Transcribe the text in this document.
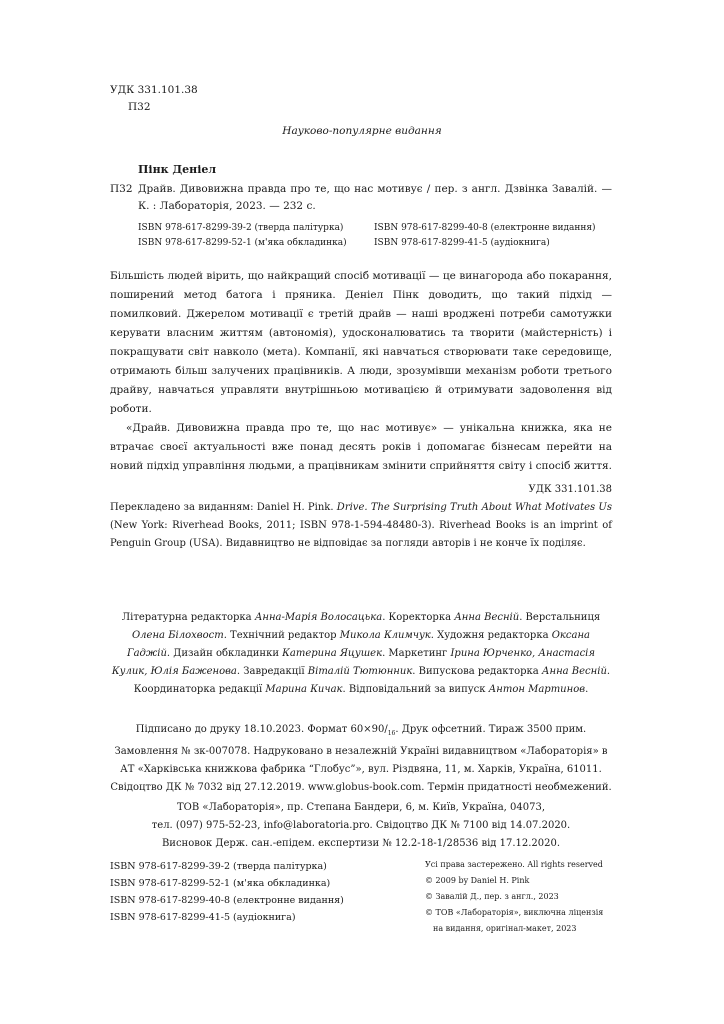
УДК 331.101.38
П32
Науково-популярне видання
Пінк Деніел
П32 Драйв. Дивовижна правда про те, що нас мотивує / пер. з англ. Дзвінка Завалій. — К. : Лабораторія, 2023. — 232 с.
ISBN 978-617-8299-39-2 (тверда палітурка)	ISBN 978-617-8299-40-8 (електронне видання)
ISBN 978-617-8299-52-1 (м'яка обкладинка)	ISBN 978-617-8299-41-5 (аудіокнига)

Більшість людей вірить, що найкращий спосіб мотивації — це винагорода або покарання, поширений метод батога і пряника. Деніел Пінк доводить, що такий підхід — помилковий. Джерелом мотивації є третій драйв — наші вроджені потреби самотужки керувати власним життям (автономія), удосконалюватись та творити (майстерність) і покращувати світ навколо (мета). Компанії, які навчаться створювати таке середовище, отримають більш залучених працівників. А люди, зрозумівши механізм роботи третього драйву, навчаться управляти внутрішньою мотивацією й отримувати задоволення від роботи.

«Драйв. Дивовижна правда про те, що нас мотивує» — унікальна книжка, яка не втрачає своєї актуальності вже понад десять років і допомагає бізнесам перейти на новий підхід управління людьми, а працівникам змінити сприйняття світу і спосіб життя.

УДК 331.101.38
Перекладено за виданням: Daniel H. Pink. Drive. The Surprising Truth About What Motivates Us (New York: Riverhead Books, 2011; ISBN 978-1-594-48480-3). Riverhead Books is an imprint of Penguin Group (USA). Видавництво не відповідає за погляди авторів і не конче їх поділяє.
Літературна редакторка Анна-Марія Волосацька. Коректорка Анна Весній. Верстальниця Олена Білохвост. Технічний редактор Микола Климчук. Художня редакторка Оксана Гаджій. Дизайн обкладинки Катерина Яцушек. Маркетинг Ірина Юрченко, Анастасія Кулик, Юлія Баженова. Завредакції Віталій Тютюнник. Випускова редакторка Анна Весній. Координаторка редакції Марина Кичак. Відповідальний за випуск Антон Мартинов.
Підписано до друку 18.10.2023. Формат $60\times 90/_{16}$. Друк офсетний. Тираж 3500 прим.
Замовлення № зк-007078. Надруковано в незалежній Україні видавництвом «Лабораторія» в АТ «Харківська книжкова фабрика “Глобус”», вул. Різдвяна, 11, м. Харків, Україна, 61011.
Свідоцтво ДК № 7032 від 27.12.2019. www.globus-book.com. Термін придатності необмежений.
ТОВ «Лабораторія», пр. Степана Бандери, 6, м. Київ, Україна, 04073,
тел. (097) 975-52-23, info@laboratoria.pro. Свідоцтво ДК № 7100 від 14.07.2020.
Висновок Держ. сан.-епідем. експертизи № 12.2-18-1/28536 від 17.12.2020.
ISBN 978-617-8299-39-2 (тверда палітурка)
ISBN 978-617-8299-52-1 (м'яка обкладинка)
ISBN 978-617-8299-40-8 (електронне видання)
ISBN 978-617-8299-41-5 (аудіокнига)
Усі права застережено. All rights reserved
© 2009 by Daniel H. Pink
© Завалій Д., пер. з англ., 2023
© ТОВ «Лабораторія», виключна ліцензія
на видання, оригінал-макет, 2023
